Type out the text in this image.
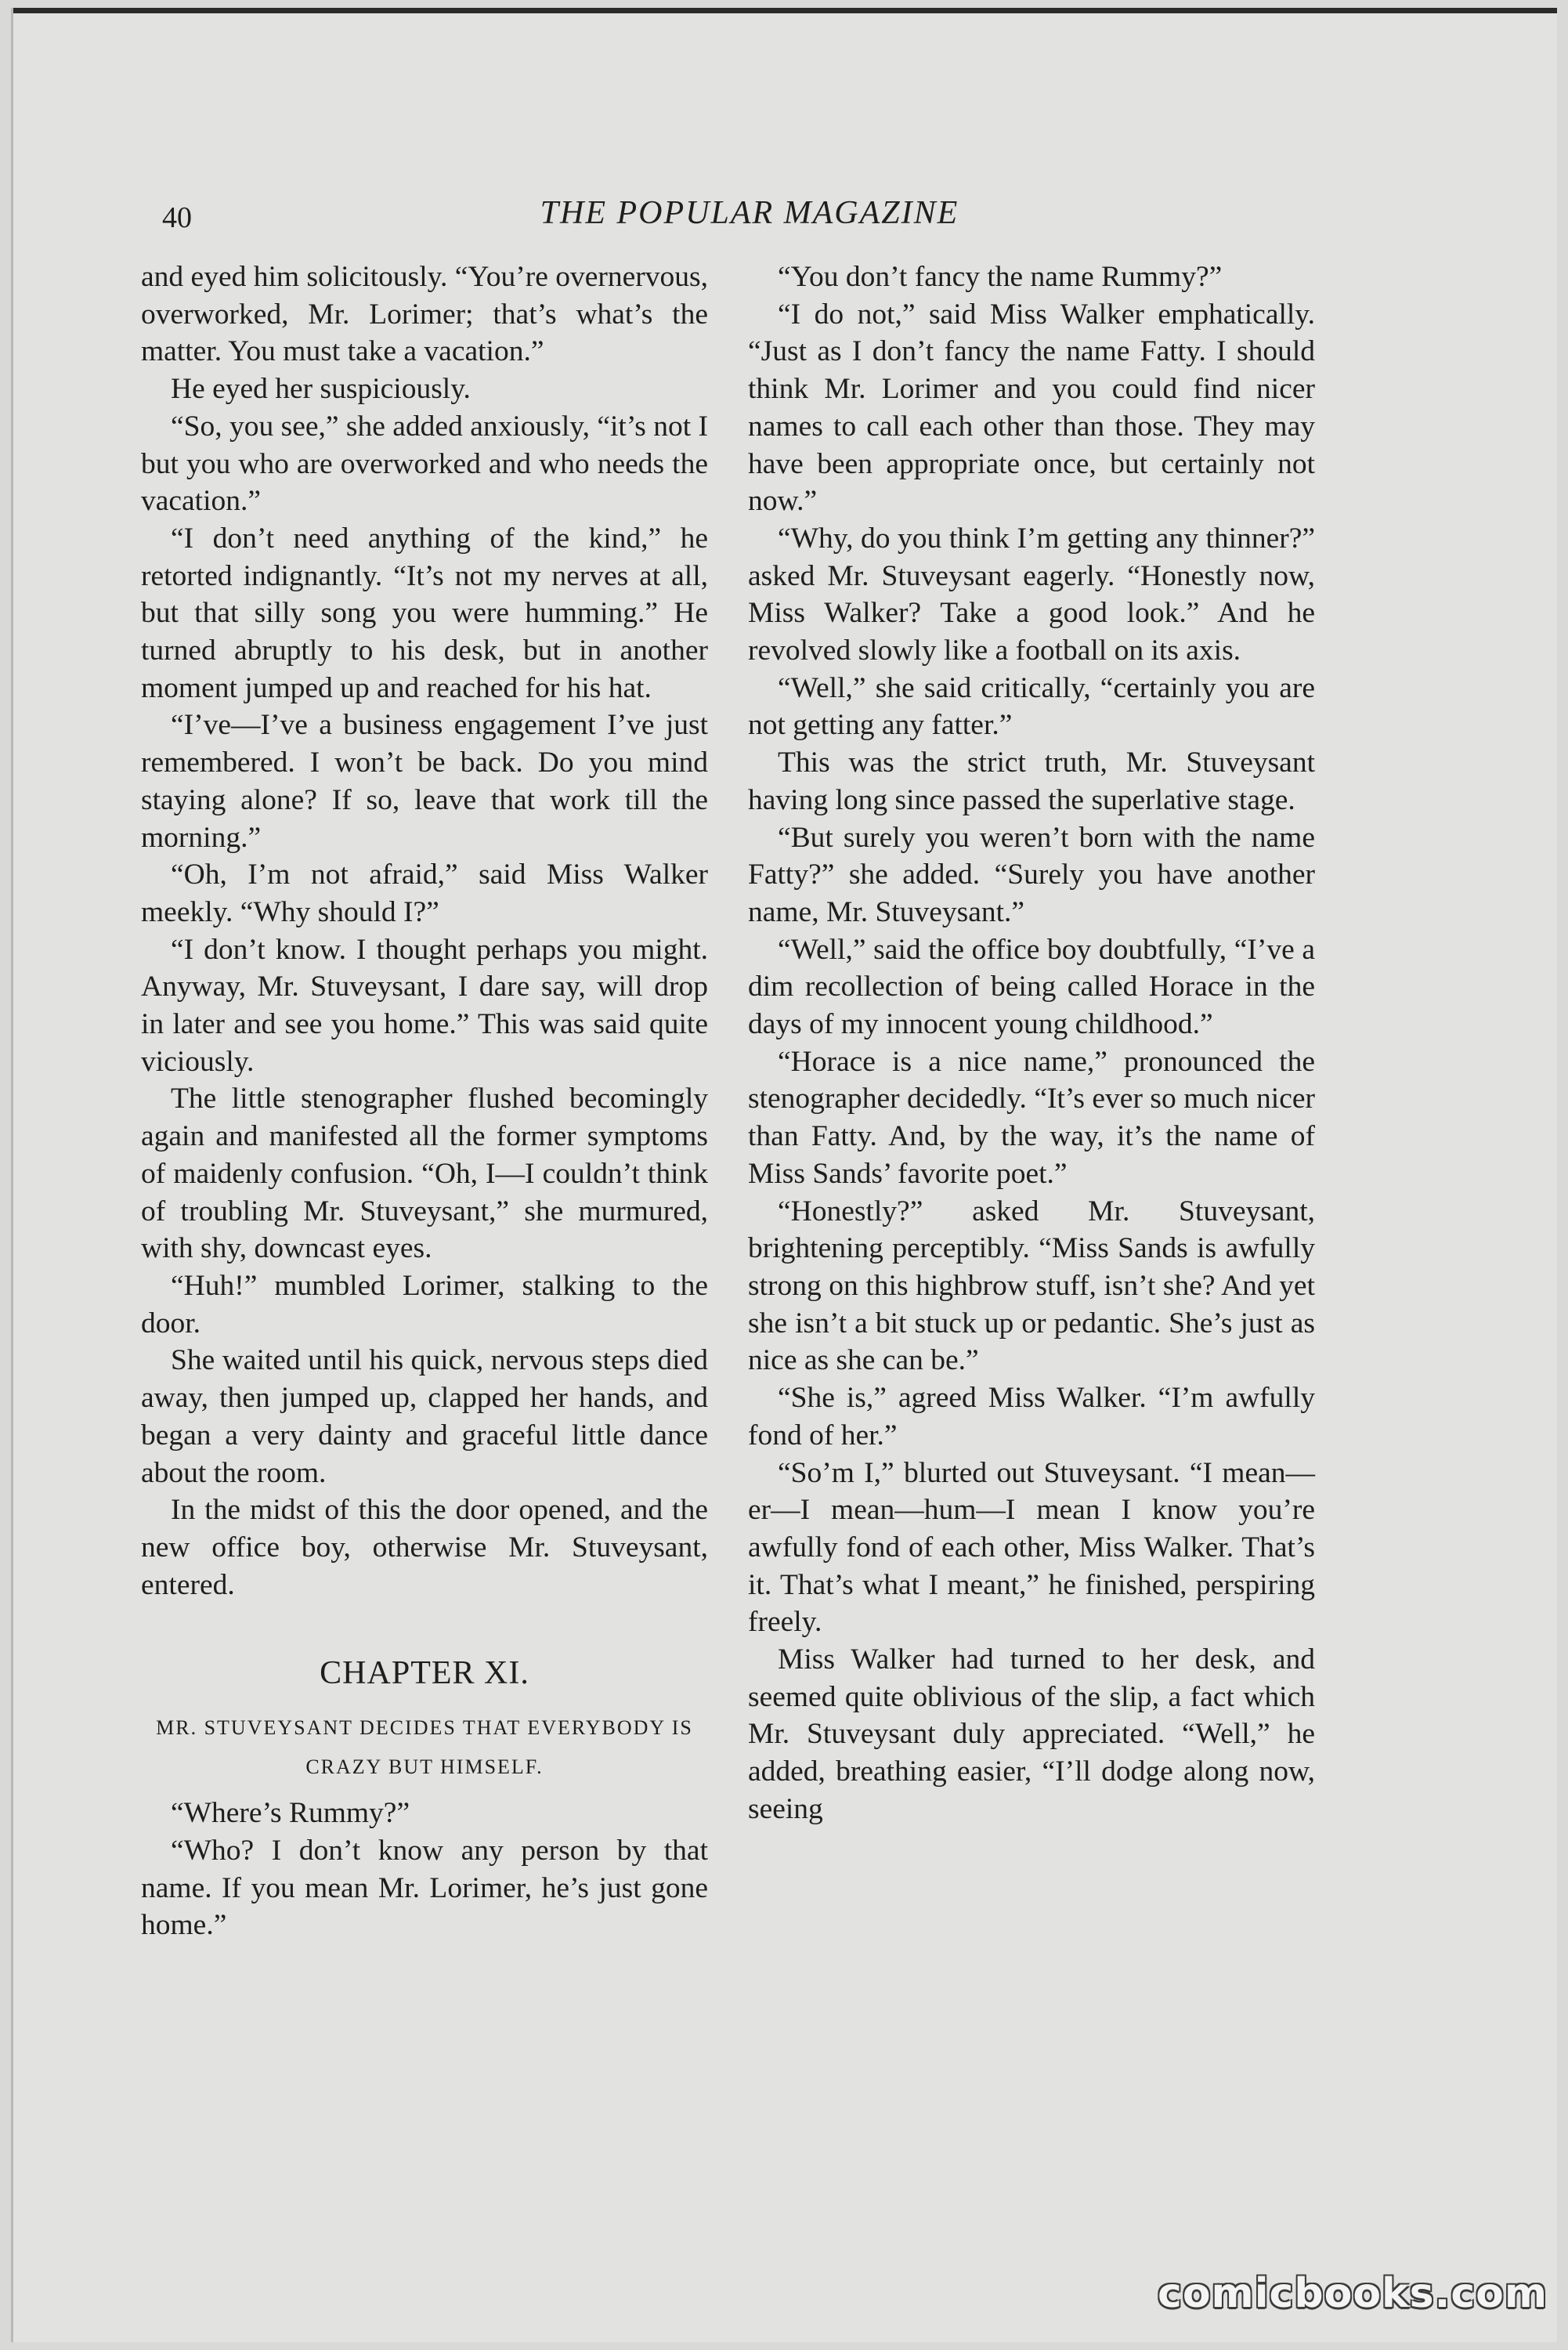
40	THE POPULAR MAGAZINE

and eyed him solicitously. “You’re overnervous, overworked, Mr. Lorimer; that’s what’s the matter. You must take a vacation.”

He eyed her suspiciously.

“So, you see,” she added anxiously, “it’s not I but you who are overworked and who needs the vacation.”

“I don’t need anything of the kind,” he retorted indignantly. “It’s not my nerves at all, but that silly song you were humming.” He turned abruptly to his desk, but in another moment jumped up and reached for his hat.

“I’ve—I’ve a business engagement I’ve just remembered. I won’t be back. Do you mind staying alone? If so, leave that work till the morning.”

“Oh, I’m not afraid,” said Miss Walker meekly. “Why should I?”

“I don’t know. I thought perhaps you might. Anyway, Mr. Stuveysant, I dare say, will drop in later and see you home.” This was said quite viciously.

The little stenographer flushed becomingly again and manifested all the former symptoms of maidenly confusion. “Oh, I—I couldn’t think of troubling Mr. Stuveysant,” she murmured, with shy, downcast eyes.

“Huh!” mumbled Lorimer, stalking to the door.

She waited until his quick, nervous steps died away, then jumped up, clapped her hands, and began a very dainty and graceful little dance about the room.

In the midst of this the door opened, and the new office boy, otherwise Mr. Stuveysant, entered.

CHAPTER XI.
MR. STUVEYSANT DECIDES THAT EVERYBODY IS CRAZY BUT HIMSELF.

“Where’s Rummy?”

“Who? I don’t know any person by that name. If you mean Mr. Lorimer, he’s just gone home.”

“You don’t fancy the name Rummy?”

“I do not,” said Miss Walker emphatically. “Just as I don’t fancy the name Fatty. I should think Mr. Lorimer and you could find nicer names to call each other than those. They may have been appropriate once, but certainly not now.”

“Why, do you think I’m getting any thinner?” asked Mr. Stuveysant eagerly. “Honestly now, Miss Walker? Take a good look.” And he revolved slowly like a football on its axis.

“Well,” she said critically, “certainly you are not getting any fatter.”

This was the strict truth, Mr. Stuveysant having long since passed the superlative stage.

“But surely you weren’t born with the name Fatty?” she added. “Surely you have another name, Mr. Stuveysant.”

“Well,” said the office boy doubtfully, “I’ve a dim recollection of being called Horace in the days of my innocent young childhood.”

“Horace is a nice name,” pronounced the stenographer decidedly. “It’s ever so much nicer than Fatty. And, by the way, it’s the name of Miss Sands’ favorite poet.”

“Honestly?” asked Mr. Stuveysant, brightening perceptibly. “Miss Sands is awfully strong on this highbrow stuff, isn’t she? And yet she isn’t a bit stuck up or pedantic. She’s just as nice as she can be.”

“She is,” agreed Miss Walker. “I’m awfully fond of her.”

“So’m I,” blurted out Stuveysant. “I mean—er—I mean—hum—I mean I know you’re awfully fond of each other, Miss Walker. That’s it. That’s what I meant,” he finished, perspiring freely.

Miss Walker had turned to her desk, and seemed quite oblivious of the slip, a fact which Mr. Stuveysant duly appreciated. “Well,” he added, breathing easier, “I’ll dodge along now, seeing

comicbooks.com
